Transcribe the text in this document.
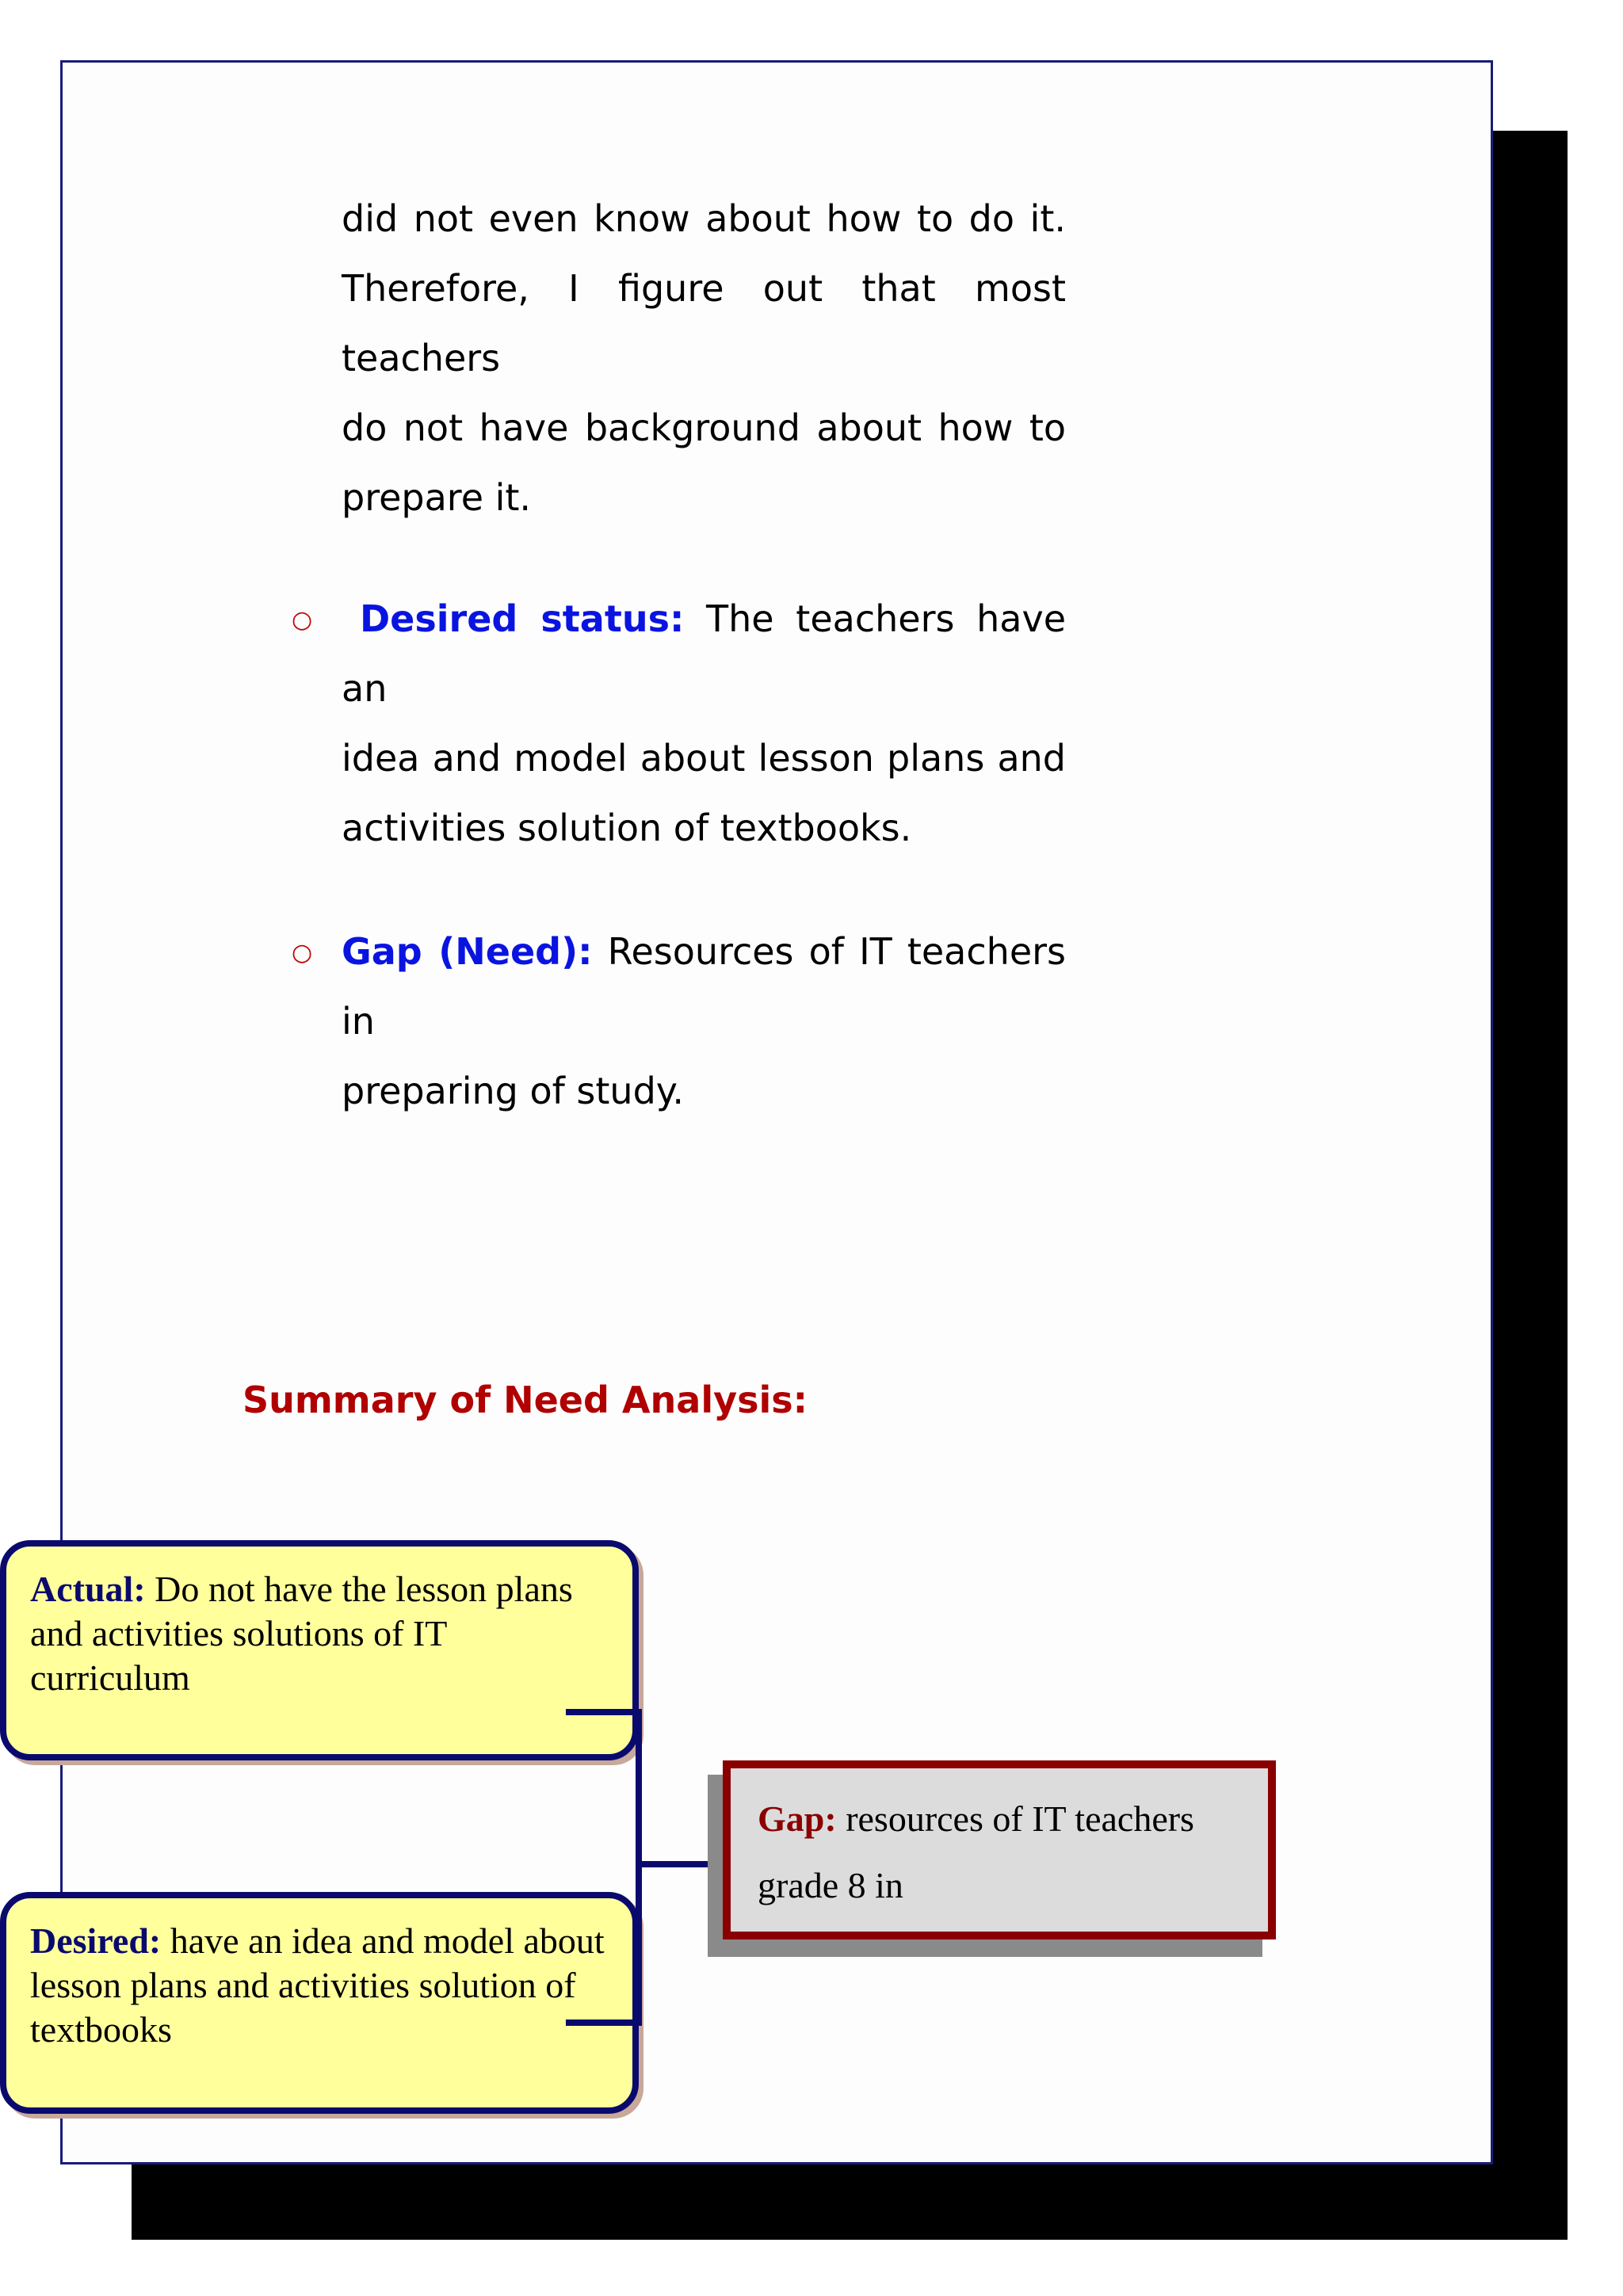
did not even know about how to do it.
Therefore, I figure out that most teachers
do not have background about how to
prepare it.

○

 	Desired status: The teachers have an
idea and model about lesson plans and
activities solution of textbooks.

○ Gap (Need): Resources of IT teachers in
preparing of study.

Summary of Need Analysis:
Actual: Do not have the lesson plans and activities solutions of IT curriculum
Desired: have an idea and model about lesson plans and activities solution of textbooks
Gap: resources of IT teachers grade 8 in
